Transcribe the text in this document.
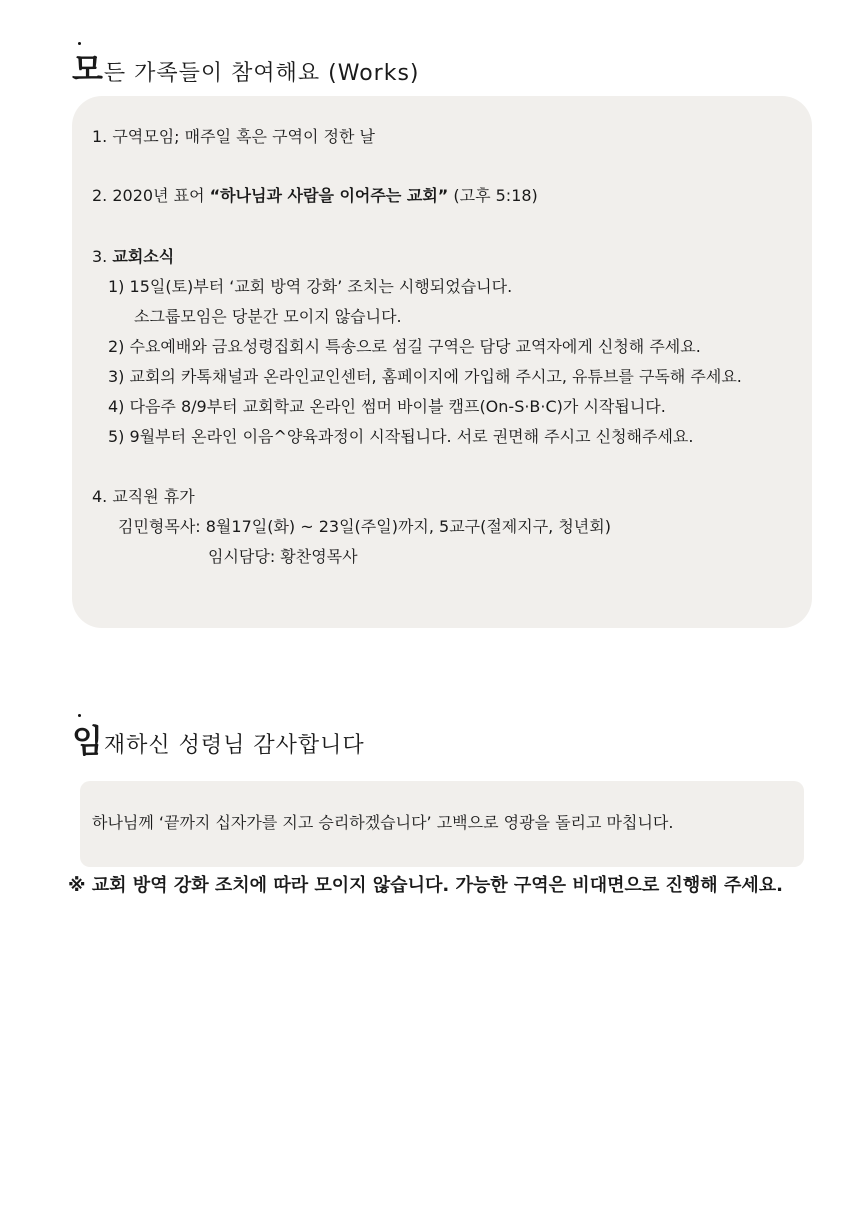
모든 가족들이 참여해요 (Works)
1. 구역모임; 매주일 혹은 구역이 정한 날
2. 2020년 표어 “하나님과 사람을 이어주는 교회” (고후 5:18)
3. 교회소식
1) 15일(토)부터 ‘교회 방역 강화’ 조치는 시행되었습니다.
소그룹모임은 당분간 모이지 않습니다.
2) 수요예배와 금요성령집회시 특송으로 섬길 구역은 담당 교역자에게 신청해 주세요.
3) 교회의 카톡채널과 온라인교인센터, 홈페이지에 가입해 주시고, 유튜브를 구독해 주세요.
4) 다음주 8/9부터 교회학교 온라인 썸머 바이블 캠프(On-S·B·C)가 시작됩니다.
5) 9월부터 온라인 이음^양육과정이 시작됩니다. 서로 권면해 주시고 신청해주세요.
4. 교직원 휴가
김민형목사: 8월17일(화) ~ 23일(주일)까지, 5교구(절제지구, 청년회)
임시담당: 황찬영목사
임재하신 성령님 감사합니다
하나님께 ‘끝까지 십자가를 지고 승리하겠습니다’ 고백으로 영광을 돌리고 마칩니다.
※ 교회 방역 강화 조치에 따라 모이지 않습니다. 가능한 구역은 비대면으로 진행해 주세요.
